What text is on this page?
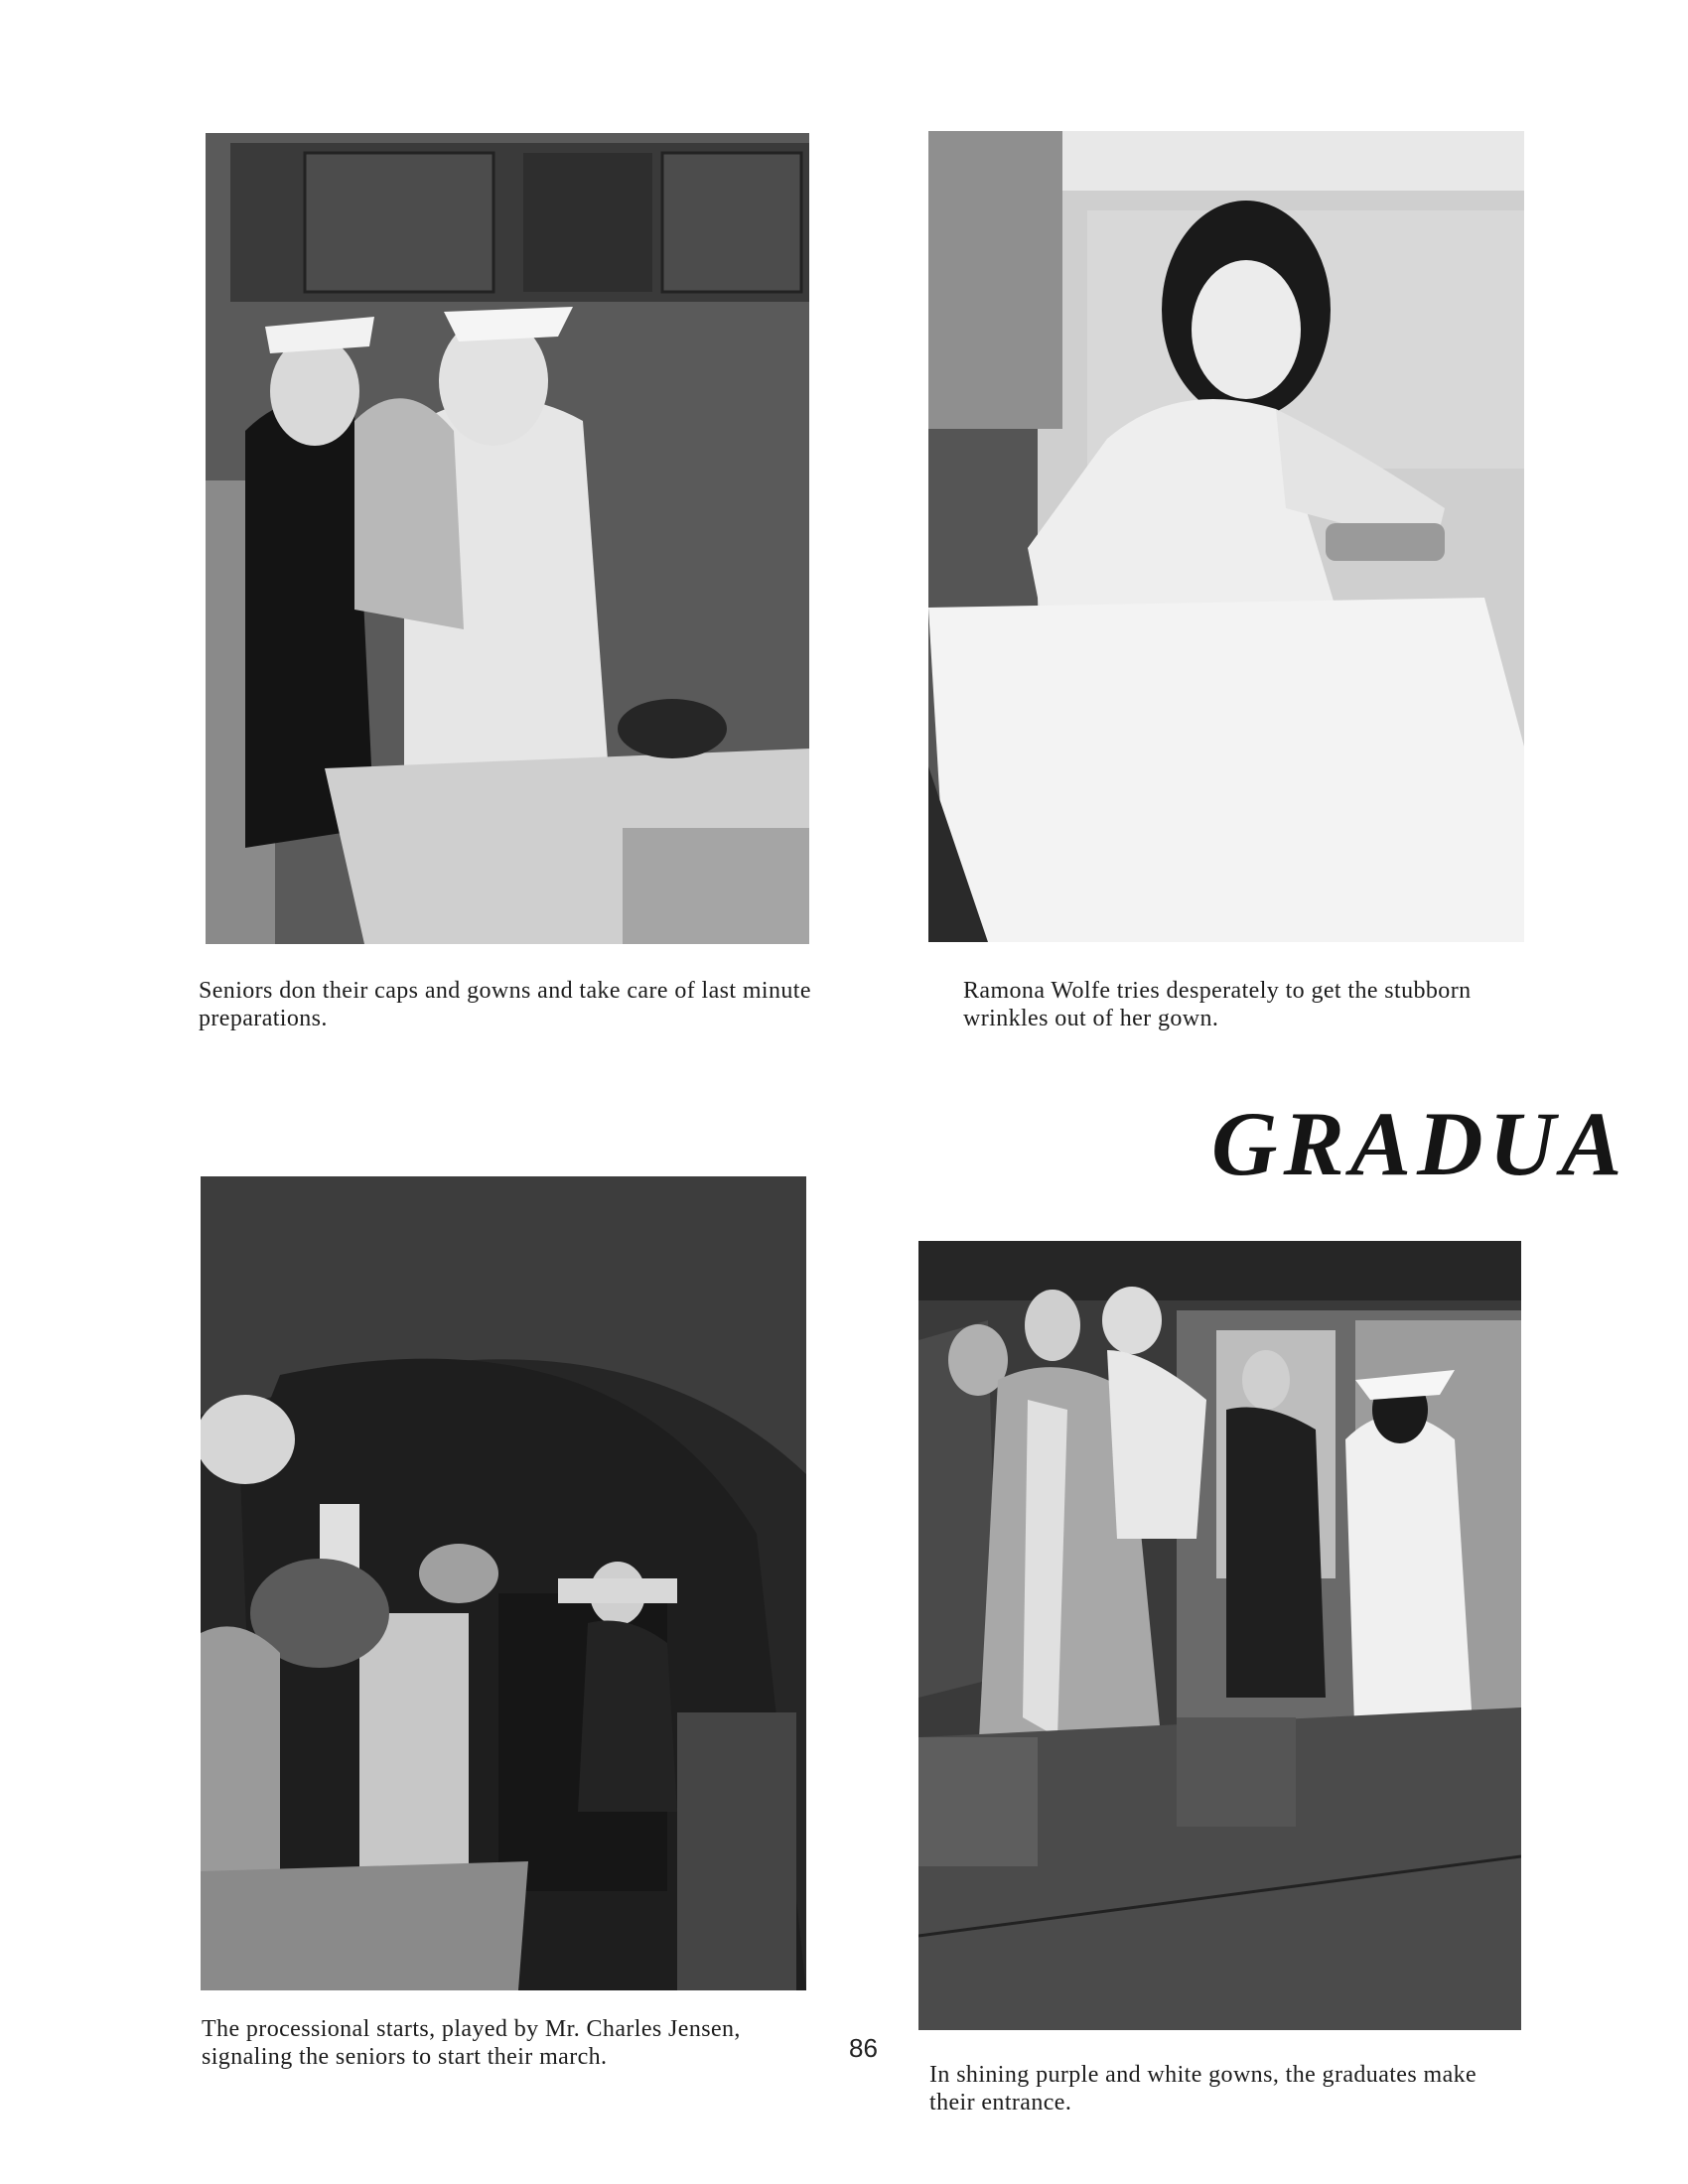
Seniors don their caps and gowns and take care of last minute preparations.

Ramona Wolfe tries desperately to get the stubborn wrinkles out of her gown.

GRADUA

The processional starts, played by Mr. Charles Jensen, signaling the seniors to start their march.	86

In shining purple and white gowns, the graduates make their entrance.
